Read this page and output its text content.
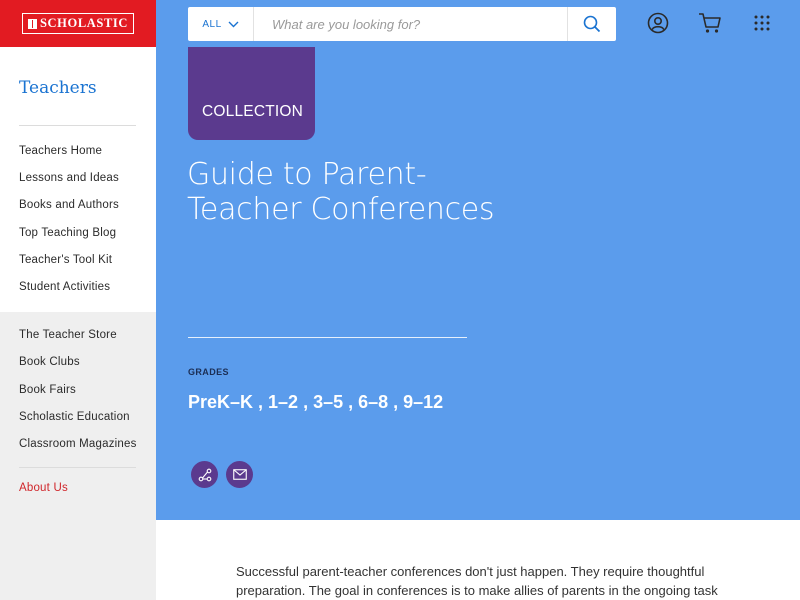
SCHOLASTIC
Teachers
Teachers Home
Lessons and Ideas
Books and Authors
Top Teaching Blog
Teacher's Tool Kit
Student Activities
The Teacher Store
Book Clubs
Book Fairs
Scholastic Education
Classroom Magazines
About Us
ALL
What are you looking for?
COLLECTION
Guide to Parent-Teacher Conferences
GRADES
PreK–K , 1–2 , 3–5 , 6–8 , 9–12

Successful parent-teacher conferences don't just happen. They require thoughtful preparation. The goal in conferences is to make allies of parents in the ongoing task
